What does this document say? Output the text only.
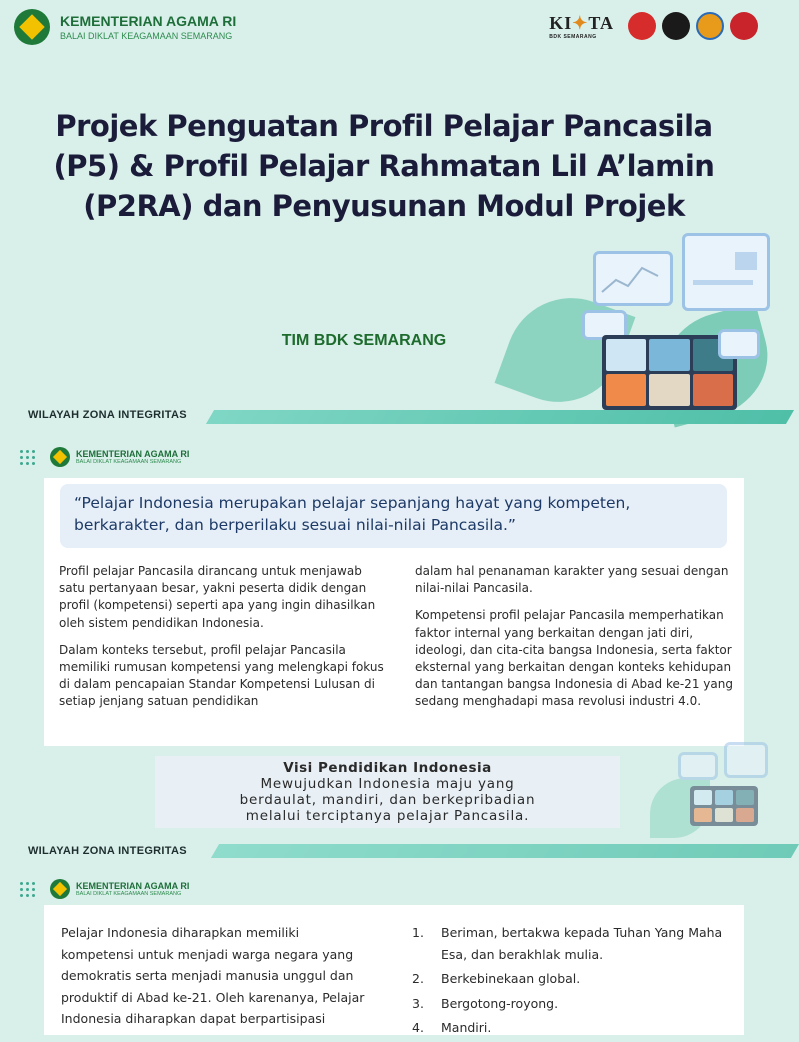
KEMENTERIAN AGAMA RI
BALAI DIKLAT KEAGAMAAN SEMARANG
KI✦TA
BDK SEMARANG
Projek Penguatan Profil Pelajar Pancasila
(P5) & Profil Pelajar Rahmatan Lil A’lamin
(P2RA) dan Penyusunan Modul Projek
TIM BDK SEMARANG
WILAYAH ZONA INTEGRITAS
KEMENTERIAN AGAMA RI
BALAI DIKLAT KEAGAMAAN SEMARANG
“Pelajar Indonesia merupakan pelajar sepanjang hayat yang kompeten,
berkarakter, dan berperilaku sesuai nilai-nilai Pancasila.”

Profil pelajar Pancasila dirancang untuk menjawab satu pertanyaan besar, yakni peserta didik dengan profil (kompetensi) seperti apa yang ingin dihasilkan oleh sistem pendidikan Indonesia.

Dalam konteks tersebut, profil pelajar Pancasila memiliki rumusan kompetensi yang melengkapi fokus di dalam pencapaian Standar Kompetensi Lulusan di setiap jenjang satuan pendidikan

dalam hal penanaman karakter yang sesuai dengan nilai-nilai Pancasila.

Kompetensi profil pelajar Pancasila memperhatikan faktor internal yang berkaitan dengan jati diri, ideologi, dan cita-cita bangsa Indonesia, serta faktor eksternal yang berkaitan dengan konteks kehidupan dan tantangan bangsa Indonesia di Abad ke-21 yang sedang menghadapi masa revolusi industri 4.0.

Visi Pendidikan Indonesia
Mewujudkan Indonesia maju yang
berdaulat, mandiri, dan berkepribadian
melalui terciptanya pelajar Pancasila.
WILAYAH ZONA INTEGRITAS
KEMENTERIAN AGAMA RI
BALAI DIKLAT KEAGAMAAN SEMARANG
Pelajar Indonesia diharapkan memiliki kompetensi untuk menjadi warga negara yang demokratis serta menjadi manusia unggul dan produktif di Abad ke-21. Oleh karenanya, Pelajar Indonesia diharapkan dapat berpartisipasi
1.	Beriman, bertakwa kepada Tuhan Yang Maha Esa, dan berakhlak mulia.
2.	Berkebinekaan global.
3.	Bergotong-royong.
4.	Mandiri.
